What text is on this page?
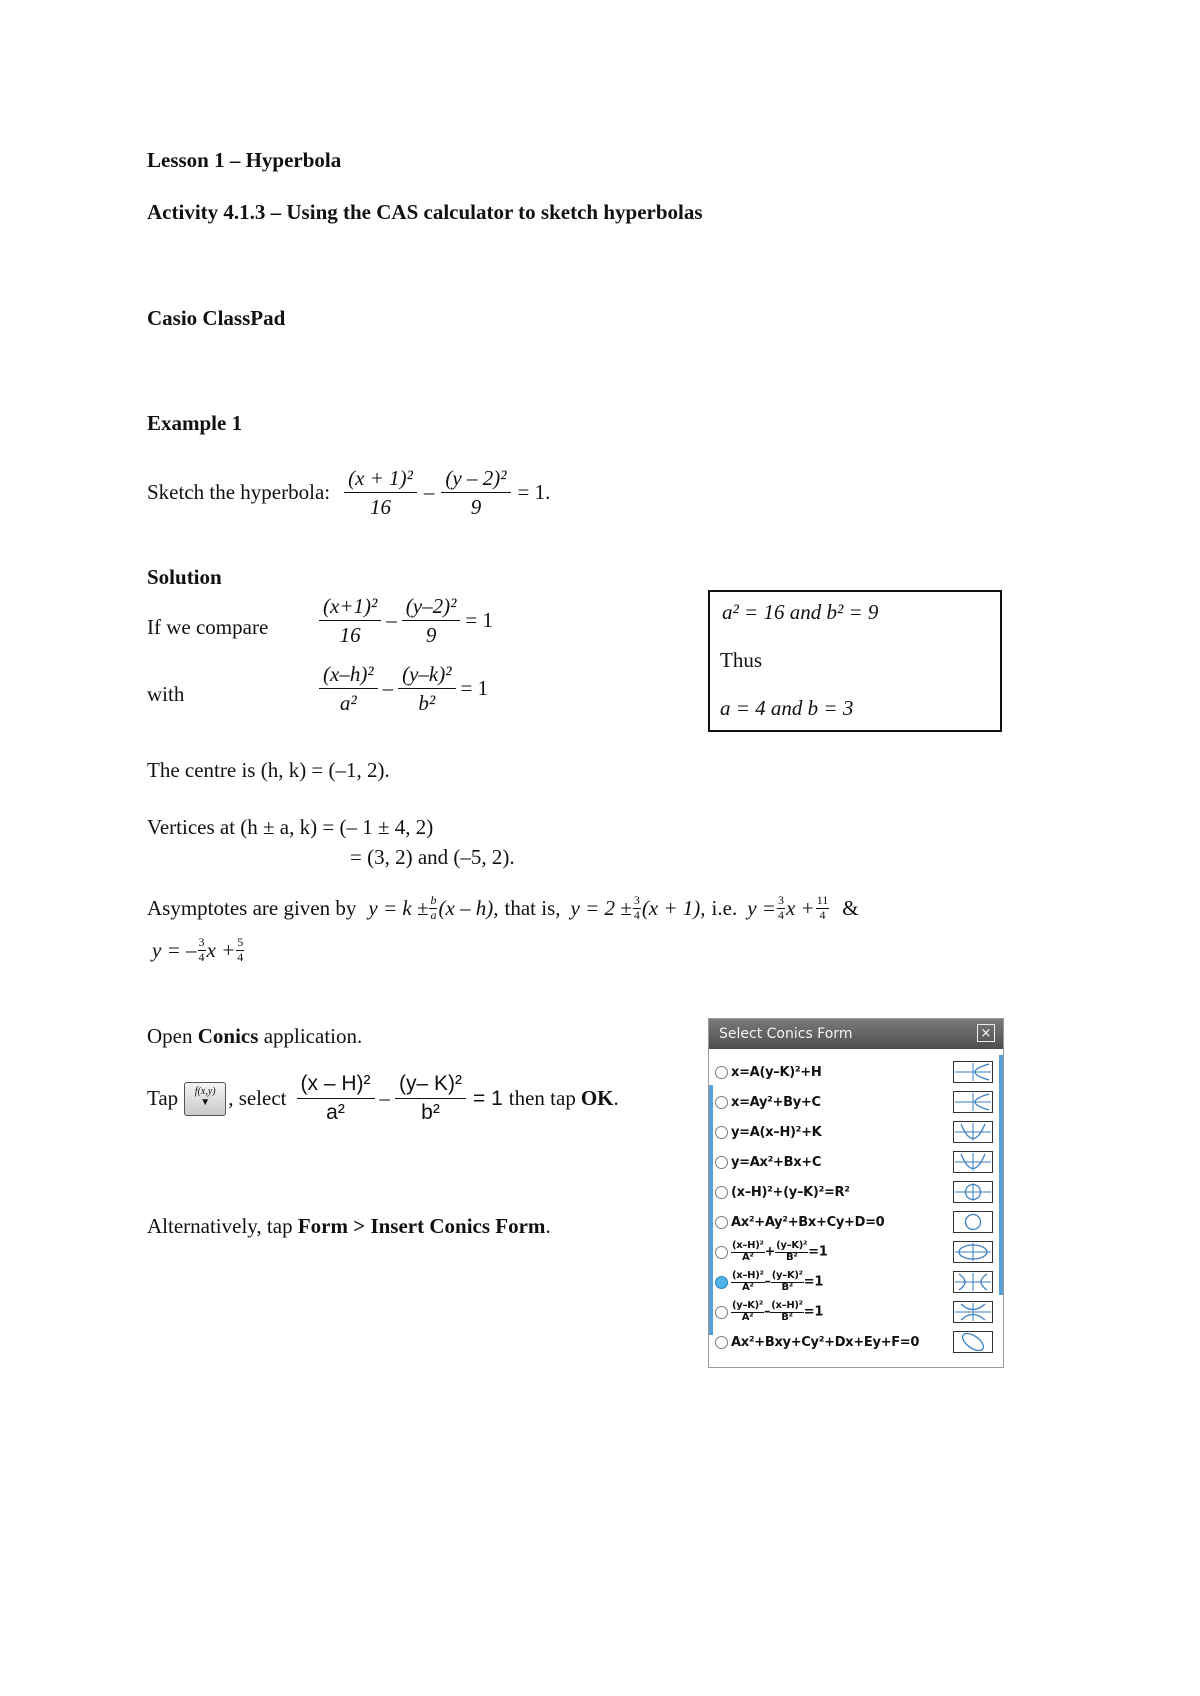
Lesson 1 – Hyperbola
Activity 4.1.3 – Using the CAS calculator to sketch hyperbolas
Casio ClassPad
Example 1
Sketch the hyperbola: $\frac{\text{(x + 1)²}}{16} - \frac{\text{(y – 2)²}}{9} = 1$.
Solution
If we compare $\frac{\text{(x+1)²}}{16} - \frac{\text{(y–2)²}}{9} = 1$
with	$\frac{\text{(x–h)²}}{\text{a²}} - \frac{\text{(y–k)²}}{\text{b²}} = 1$
a² = 16 and b² = 9
Thus
a = 4 and b = 3
The centre is (h, k) = (–1, 2).
Vertices at (h ± a, k) = (– 1 ± 4, 2)
= (3, 2) and (–5, 2).
Asymptotes are given by $y = k \pm \frac{b}{a} (x - h)$, that is, $y = 2 \pm \frac{3}{4} (x + 1)$, i.e. $y = \frac{3}{4}$ $x + \frac{11}{4}$ &
y = – $\frac{3}{4}$ $x + \frac{5}{4}$
Open Conics application.
Tap	f(x,y)
▼ , select $\frac{\text{(x – H)²}}{\text{a²}} - \frac{\text{(y– K)²}}{\text{b²}} = 1$ then tap OK .
Alternatively, tap Form > Insert Conics Form.
Select Conics Form	×
x=A(y–K)²+H
x=Ay²+By+C
y=A(x–H)²+K
y=Ax²+Bx+C
(x–H)²+(y–K)²=R²
Ax²+Ay²+Bx+Cy+D=0
$\frac{\text{(x–H)²}}{\text{A²}} + \frac{\text{(y–K)²}}{\text{B²}} =1$
$\frac{\text{(x–H)²}}{\text{A²}} - \frac{\text{(y–K)²}}{\text{B²}} =1$
$\frac{\text{(y–K)²}}{\text{A²}} - \frac{\text{(x–H)²}}{\text{B²}} =1$
Ax²+Bxy+Cy²+Dx+Ey+F=0
